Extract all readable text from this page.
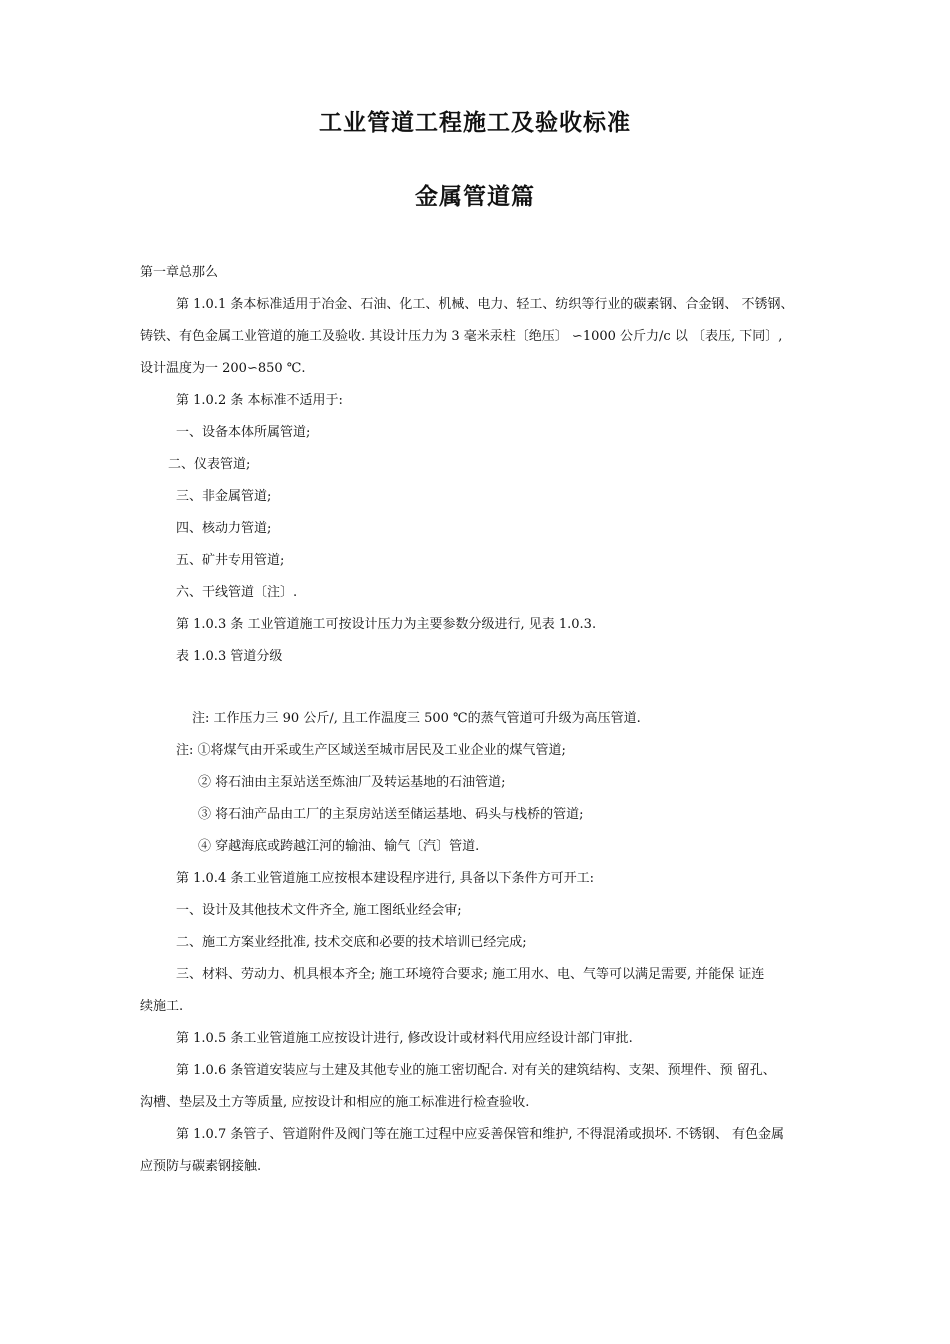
工业管道工程施工及验收标准
金属管道篇

第一章总那么

第 1.0.1 条本标准适用于冶金、石油、化工、机械、电力、轻工、纺织等行业的碳素钢、合金钢、 不锈钢、

铸铁、有色金属工业管道的施工及验收. 其设计压力为 3 毫米汞柱〔绝压〕 ∽1000 公斤力/c 以 〔表压, 下同〕,

设计温度为一 200∽850 ℃.

第 1.0.2 条 本标准不适用于:

一、设备本体所属管道;

二、仪表管道;

三、非金属管道;

四、核动力管道;

五、矿井专用管道;

六、干线管道〔注〕.

第 1.0.3 条 工业管道施工可按设计压力为主要参数分级进行, 见表 1.0.3.

表 1.0.3 管道分级

注: 工作压力三 90 公斤/, 且工作温度三 500 ℃的蒸气管道可升级为高压管道.

注: ①将煤气由开采或生产区域送至城市居民及工业企业的煤气管道;

② 将石油由主泵站送至炼油厂及转运基地的石油管道;

③ 将石油产品由工厂的主泵房站送至储运基地、码头与栈桥的管道;

④ 穿越海底或跨越江河的输油、输气〔汽〕管道.

第 1.0.4 条工业管道施工应按根本建设程序进行, 具备以下条件方可开工:

一、设计及其他技术文件齐全, 施工图纸业经会审;

二、施工方案业经批准, 技术交底和必要的技术培训已经完成;

三、材料、劳动力、机具根本齐全; 施工环境符合要求; 施工用水、电、气等可以满足需要, 并能保 证连

续施工.

第 1.0.5 条工业管道施工应按设计进行, 修改设计或材料代用应经设计部门审批.

第 1.0.6 条管道安装应与土建及其他专业的施工密切配合. 对有关的建筑结构、支架、预埋件、预 留孔、

沟槽、垫层及土方等质量, 应按设计和相应的施工标准进行检查验收.

第 1.0.7 条管子、管道附件及阀门等在施工过程中应妥善保管和维护, 不得混淆或损坏. 不锈钢、 有色金属

应预防与碳素钢接触.
